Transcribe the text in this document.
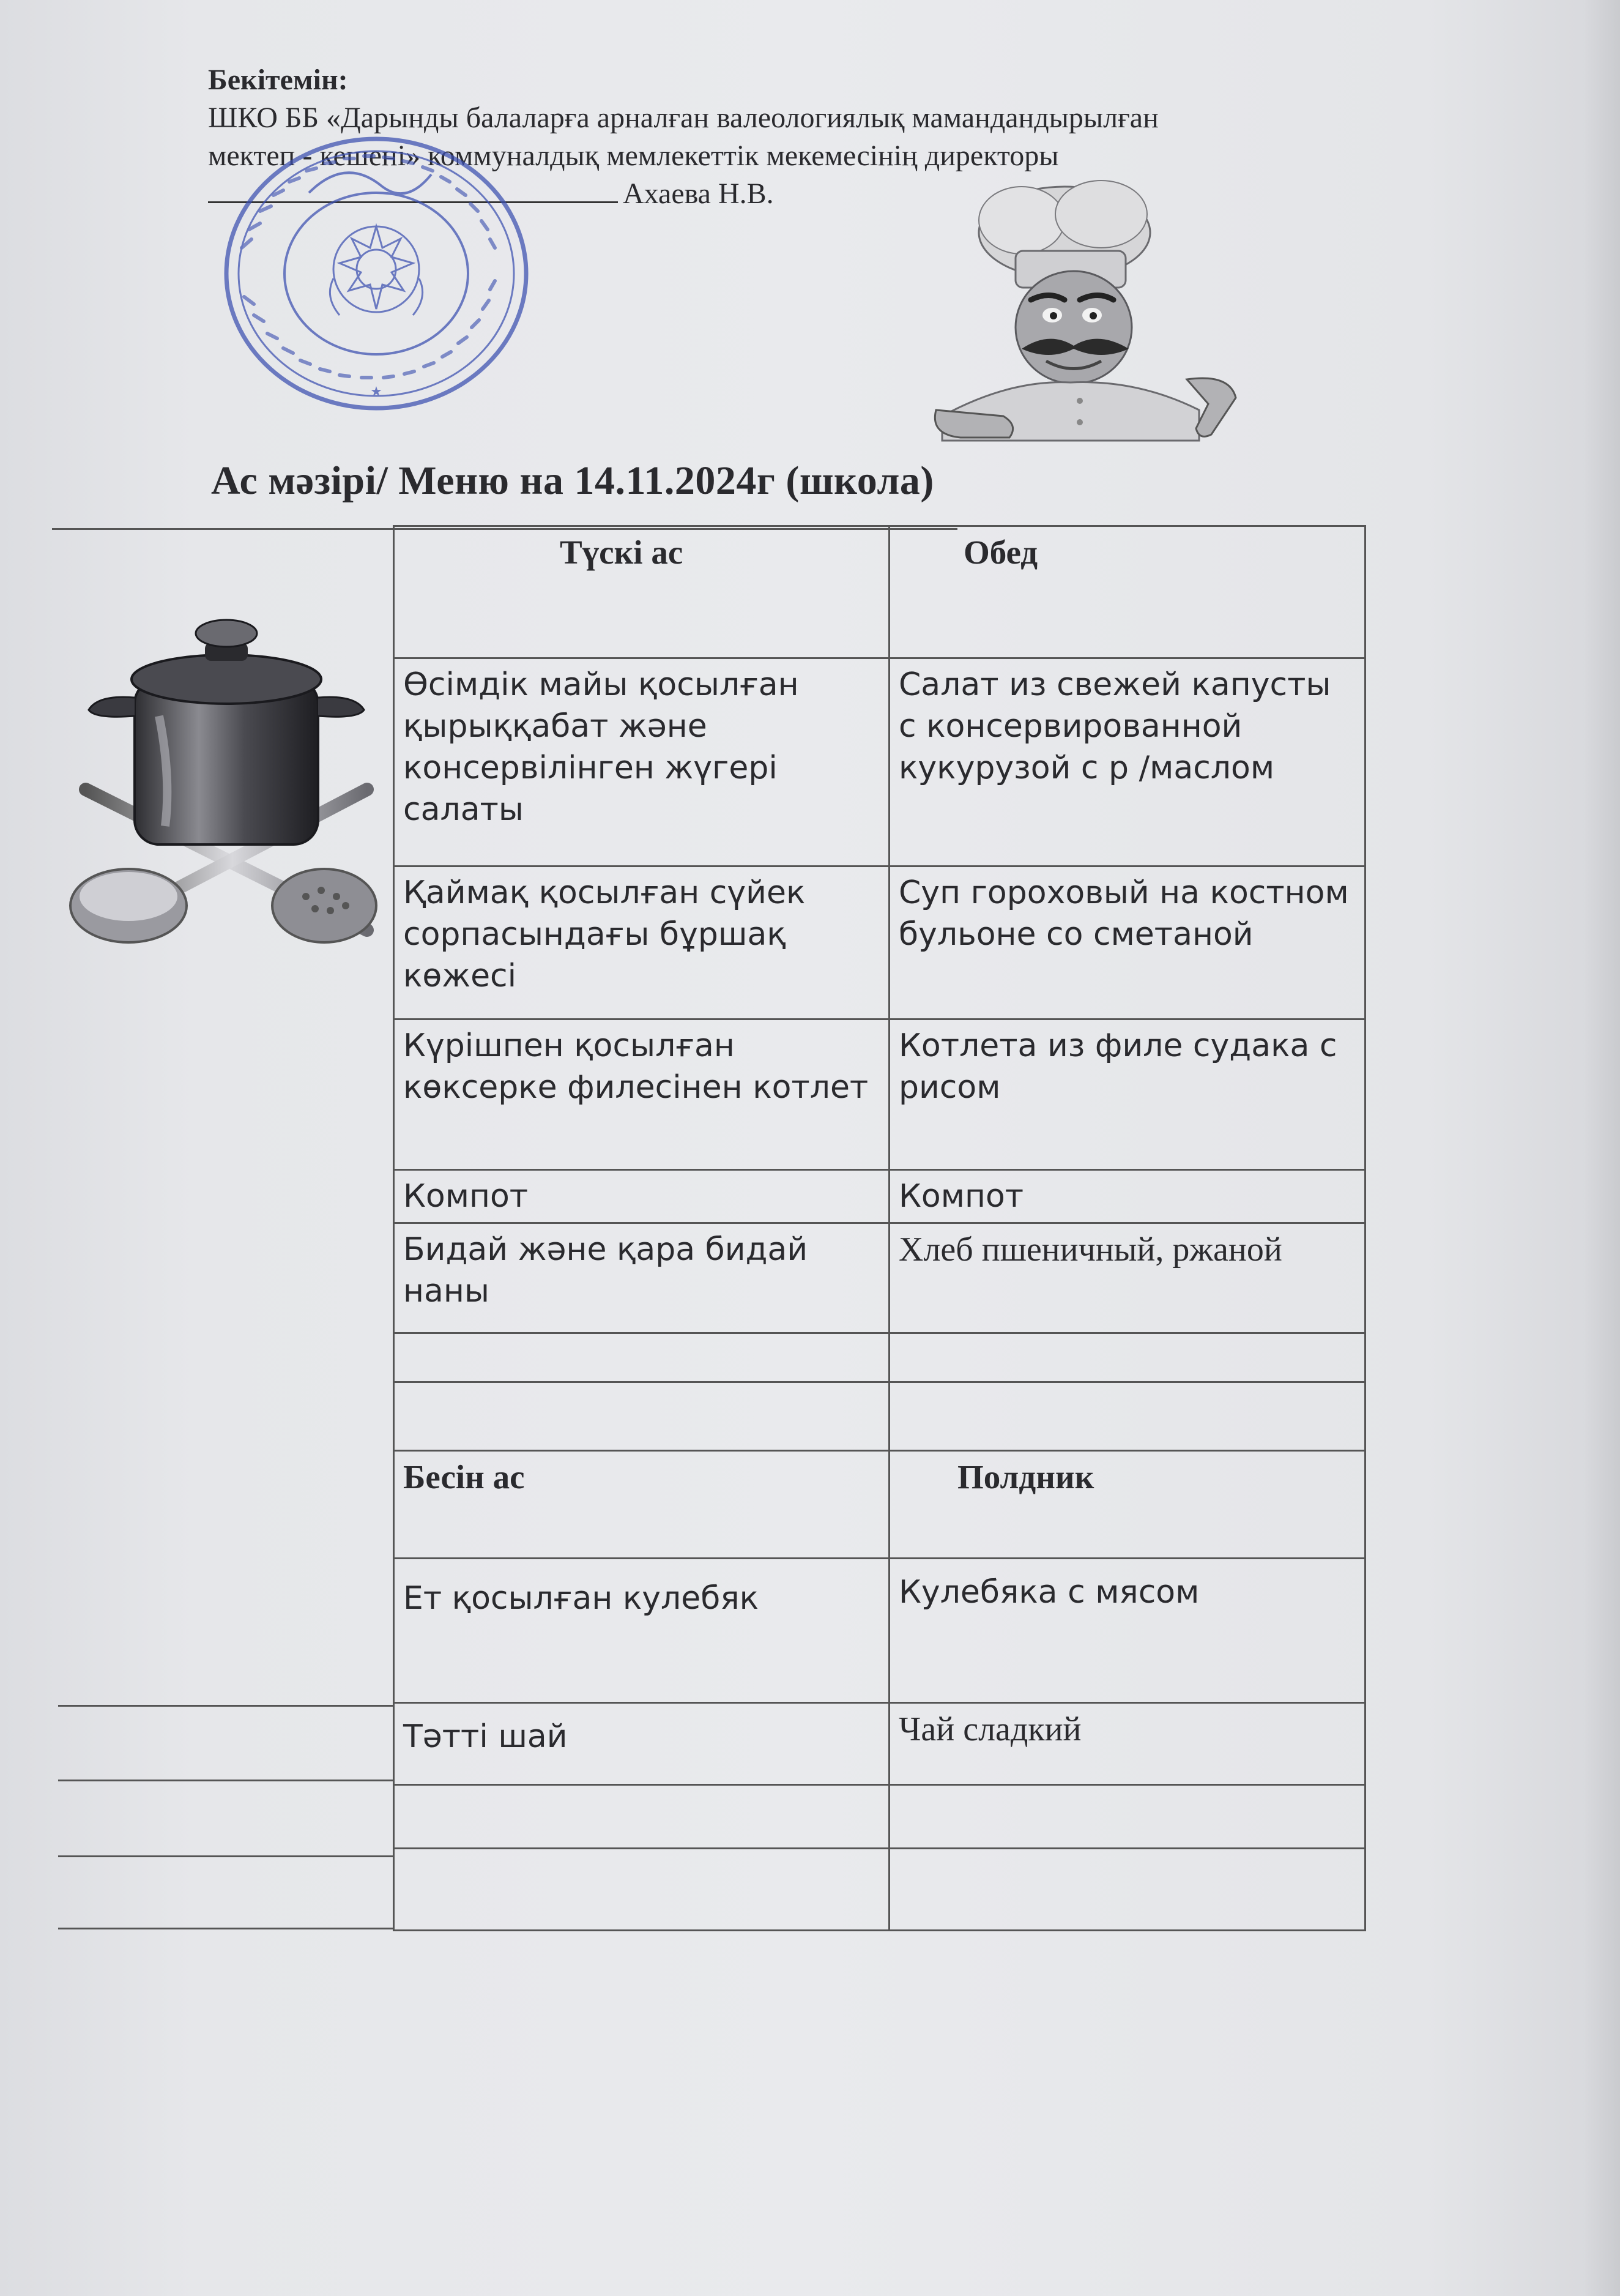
Бекітемін:
ШКО ББ «Дарынды балаларға арналған валеологиялық мамандандырылған
мектеп - кешені» коммуналдық мемлекеттік мекемесінің директоры
Ахаева Н.В.
★
Ас мәзірі/ Меню на 14.11.2024г (школа)
Түскі ас	Обед
Өсімдік майы қосылған қырыққабат және консервілінген жүгері салаты	Салат из свежей капусты с консервированной кукурузой с р /маслом
Қаймақ қосылған сүйек сорпасындағы бұршақ көжесі	Суп гороховый на костном бульоне со сметаной
Күрішпен қосылған көксерке филесінен котлет	Котлета из филе судака с рисом
Компот	Компот
Бидай және қара бидай наны	Хлеб пшеничный, ржаной

Бесін ас	Полдник
Ет қосылған кулебяк	Кулебяка с мясом
Тәтті шай	Чай сладкий
